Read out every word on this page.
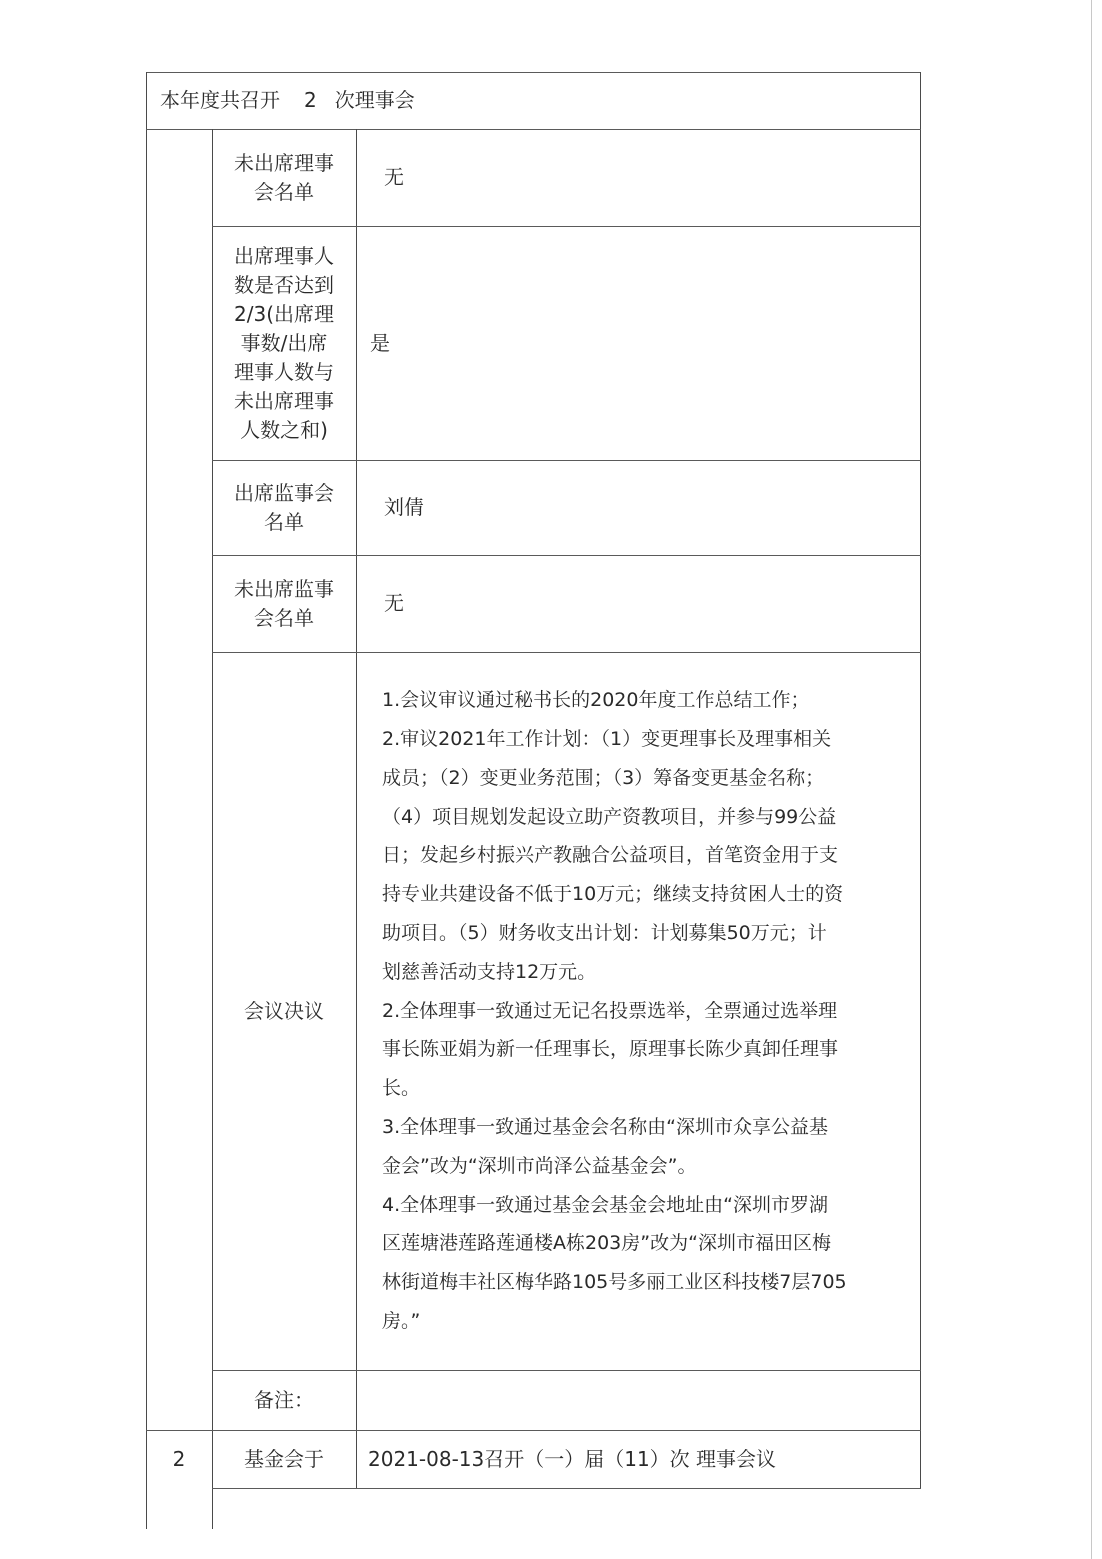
本年度共召开 2 次理事会
未出席理事
会名单
无
出席理事人
数是否达到
2/3(出席理
事数/出席
理事人数与
未出席理事
人数之和)
是
出席监事会
名单
刘倩
未出席监事
会名单
无
会议决议
1.会议审议通过秘书长的2020年度工作总结工作；
2.审议2021年工作计划：（1）变更理事长及理事相关
成员；（2）变更业务范围；（3）筹备变更基金名称；
（4）项目规划发起设立助产资教项目，并参与99公益
日；发起乡村振兴产教融合公益项目，首笔资金用于支
持专业共建设备不低于10万元；继续支持贫困人士的资
助项目。（5）财务收支出计划：计划募集50万元；计
划慈善活动支持12万元。
2.全体理事一致通过无记名投票选举，全票通过选举理
事长陈亚娟为新一任理事长，原理事长陈少真卸任理事
长。
3.全体理事一致通过基金会名称由“深圳市众享公益基
金会”改为“深圳市尚泽公益基金会”。
4.全体理事一致通过基金会基金会地址由“深圳市罗湖
区莲塘港莲路莲通楼A栋203房”改为“深圳市福田区梅
林街道梅丰社区梅华路105号多丽工业区科技楼7层705
房。”
备注：
2	基金会于	2021-08-13召开（一）届（11）次 理事会议
